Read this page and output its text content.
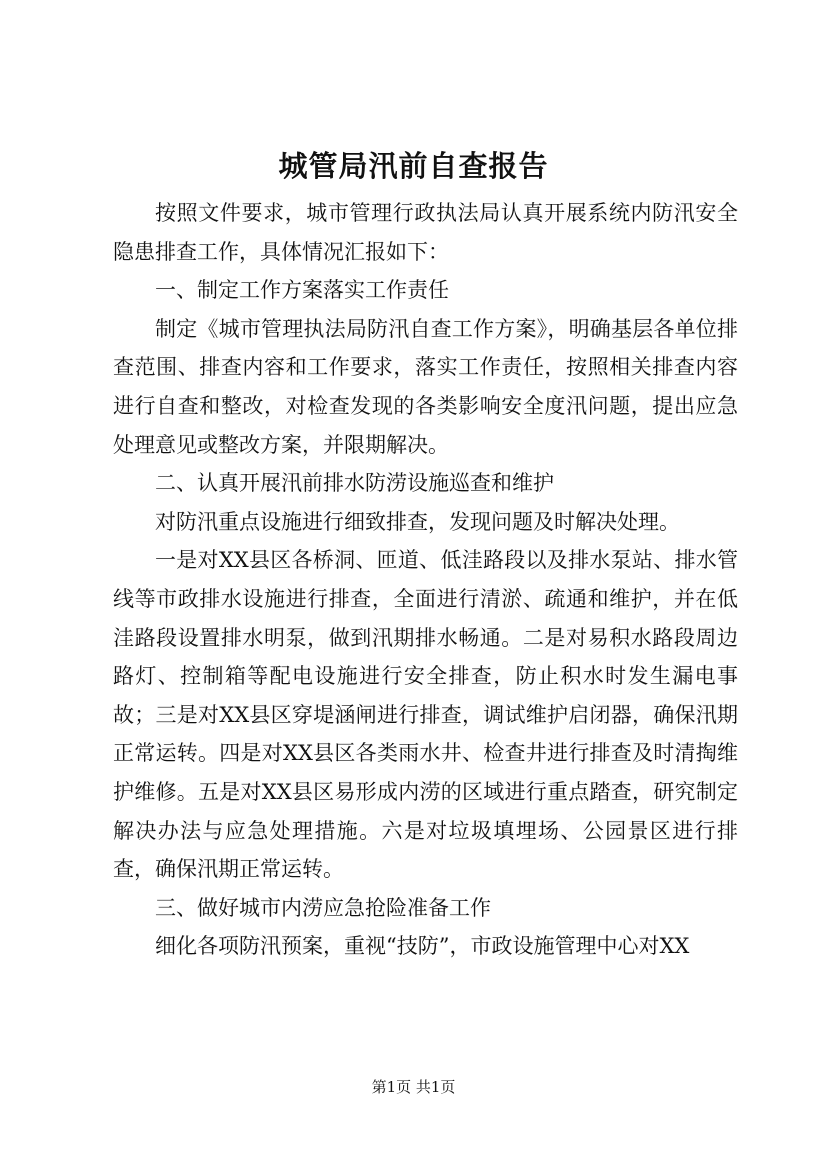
城管局汛前自查报告

按照文件要求，城市管理行政执法局认真开展系统内防汛安全隐患排查工作，具体情况汇报如下：

一、制定工作方案落实工作责任

制定《城市管理执法局防汛自查工作方案》，明确基层各单位排查范围、排查内容和工作要求，落实工作责任，按照相关排查内容进行自查和整改，对检查发现的各类影响安全度汛问题，提出应急处理意见或整改方案，并限期解决。

二、认真开展汛前排水防涝设施巡查和维护

对防汛重点设施进行细致排查，发现问题及时解决处理。

一是对XX县区各桥洞、匝道、低洼路段以及排水泵站、排水管线等市政排水设施进行排查，全面进行清淤、疏通和维护，并在低洼路段设置排水明泵，做到汛期排水畅通。二是对易积水路段周边路灯、控制箱等配电设施进行安全排查，防止积水时发生漏电事故；三是对XX县区穿堤涵闸进行排查，调试维护启闭器，确保汛期正常运转。四是对XX县区各类雨水井、检查井进行排查及时清掏维护维修。五是对XX县区易形成内涝的区域进行重点踏查，研究制定解决办法与应急处理措施。六是对垃圾填埋场、公园景区进行排查，确保汛期正常运转。

三、做好城市内涝应急抢险准备工作

细化各项防汛预案，重视“技防”，市政设施管理中心对XX

第1页 共1页
